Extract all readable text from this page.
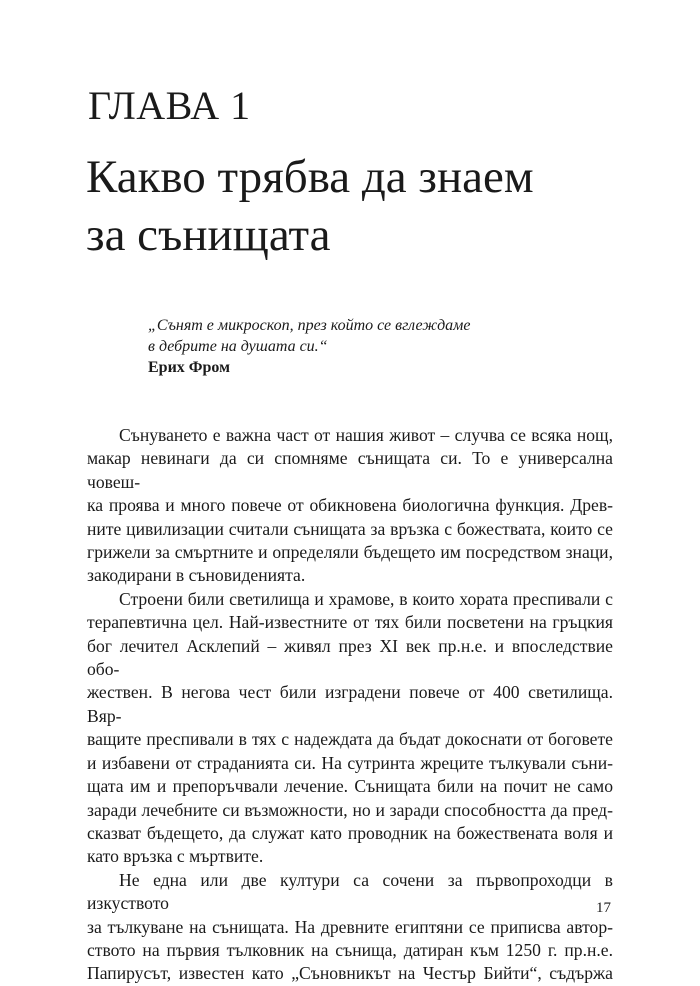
ГЛАВА 1
Какво трябва да знаем
за сънищата
„Сънят е микроскоп, през който се вглеждаме
в дебрите на душата си.“
Ерих Фром

Сънуването е важна част от нашия живот – случва се всяка нощ,

макар невинаги да си спомняме сънищата си. То е универсална човеш-

ка проява и много повече от обикновена биологична функция. Древ-

ните цивилизации считали сънищата за връзка с божествата, които се

грижели за смъртните и определяли бъдещето им посредством знаци,

закодирани в съновиденията.

Строени били светилища и храмове, в които хората преспивали с

терапевтична цел. Най-известните от тях били посветени на гръцкия

бог лечител Асклепий – живял през XI век пр.н.е. и впоследствие обо-

жествен. В негова чест били изградени повече от 400 светилища. Вяр-

ващите преспивали в тях с надеждата да бъдат докоснати от боговете

и избавени от страданията си. На сутринта жреците тълкували съни-

щата им и препоръчвали лечение. Сънищата били на почит не само

заради лечебните си възможности, но и заради способността да пред-

сказват бъдещето, да служат като проводник на божествената воля и

като връзка с мъртвите.

Не една или две култури са сочени за първопроходци в изкуството

за тълкуване на сънищата. На древните египтяни се приписва автор-

ството на първия тълковник на сънища, датиран към 1250 г. пр.н.е.

Папирусът, известен като „Съновникът на Честър Бийти“, съдържа

17
